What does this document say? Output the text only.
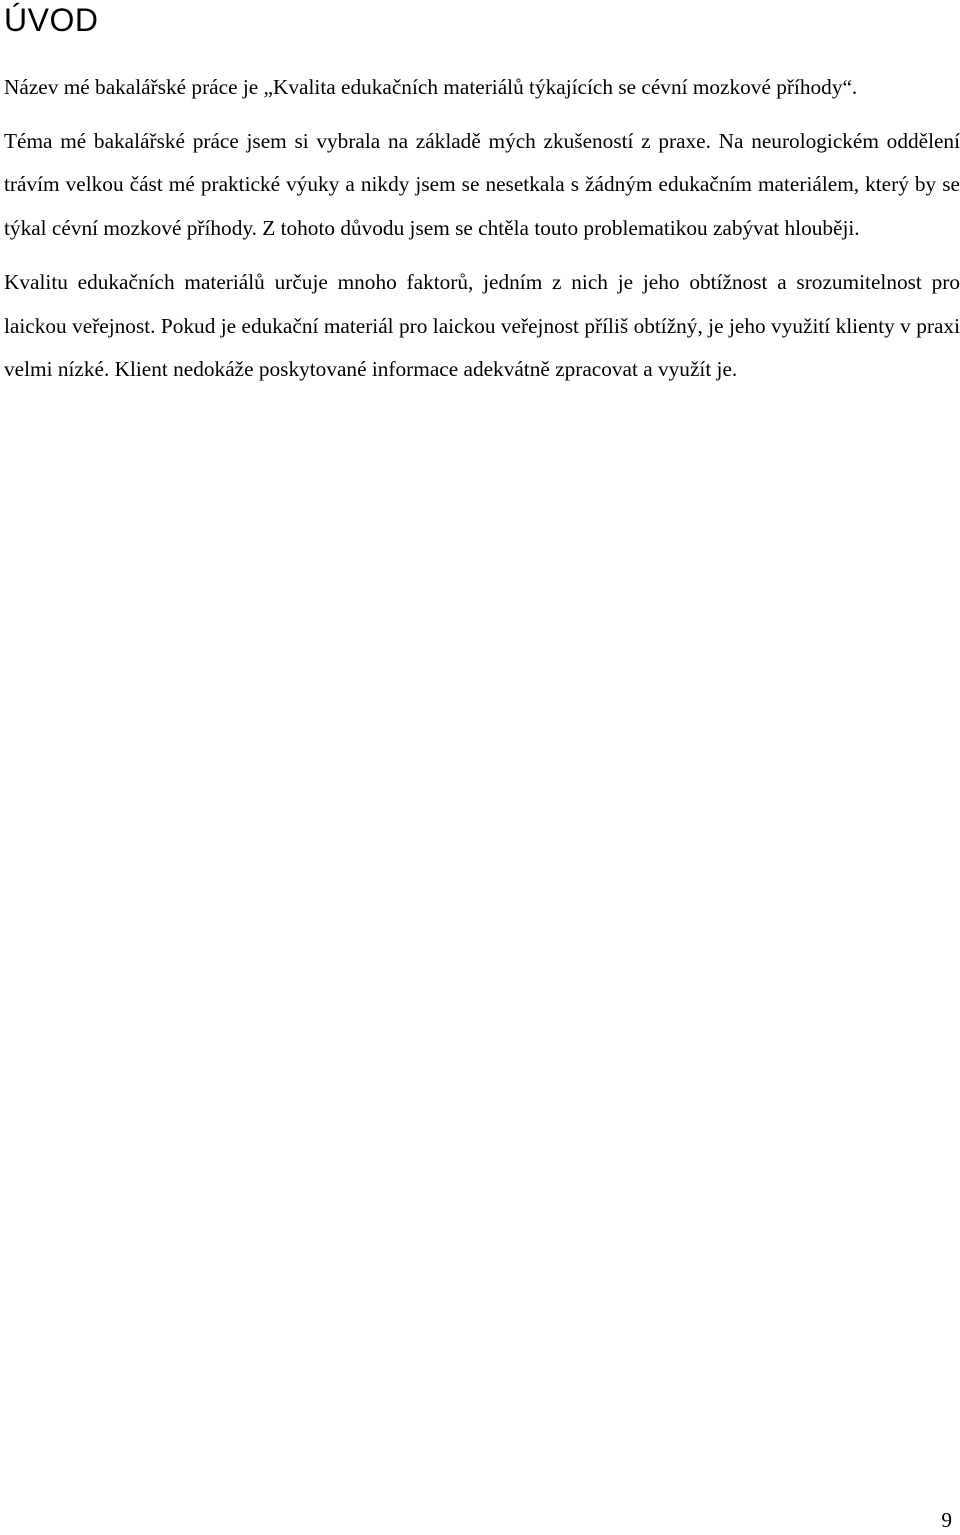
ÚVOD

Název mé bakalářské práce je „Kvalita edukačních materiálů týkajících se cévní mozkové příhody“.

Téma mé bakalářské práce jsem si vybrala na základě mých zkušeností z praxe. Na neurologickém oddělení trávím velkou část mé praktické výuky a nikdy jsem se nesetkala s žádným edukačním materiálem, který by se týkal cévní mozkové příhody. Z tohoto důvodu jsem se chtěla touto problematikou zabývat hlouběji.

Kvalitu edukačních materiálů určuje mnoho faktorů, jedním z nich je jeho obtížnost a srozumitelnost pro laickou veřejnost. Pokud je edukační materiál pro laickou veřejnost příliš obtížný, je jeho využití klienty v praxi velmi nízké. Klient nedokáže poskytované informace adekvátně zpracovat a využít je.

9
